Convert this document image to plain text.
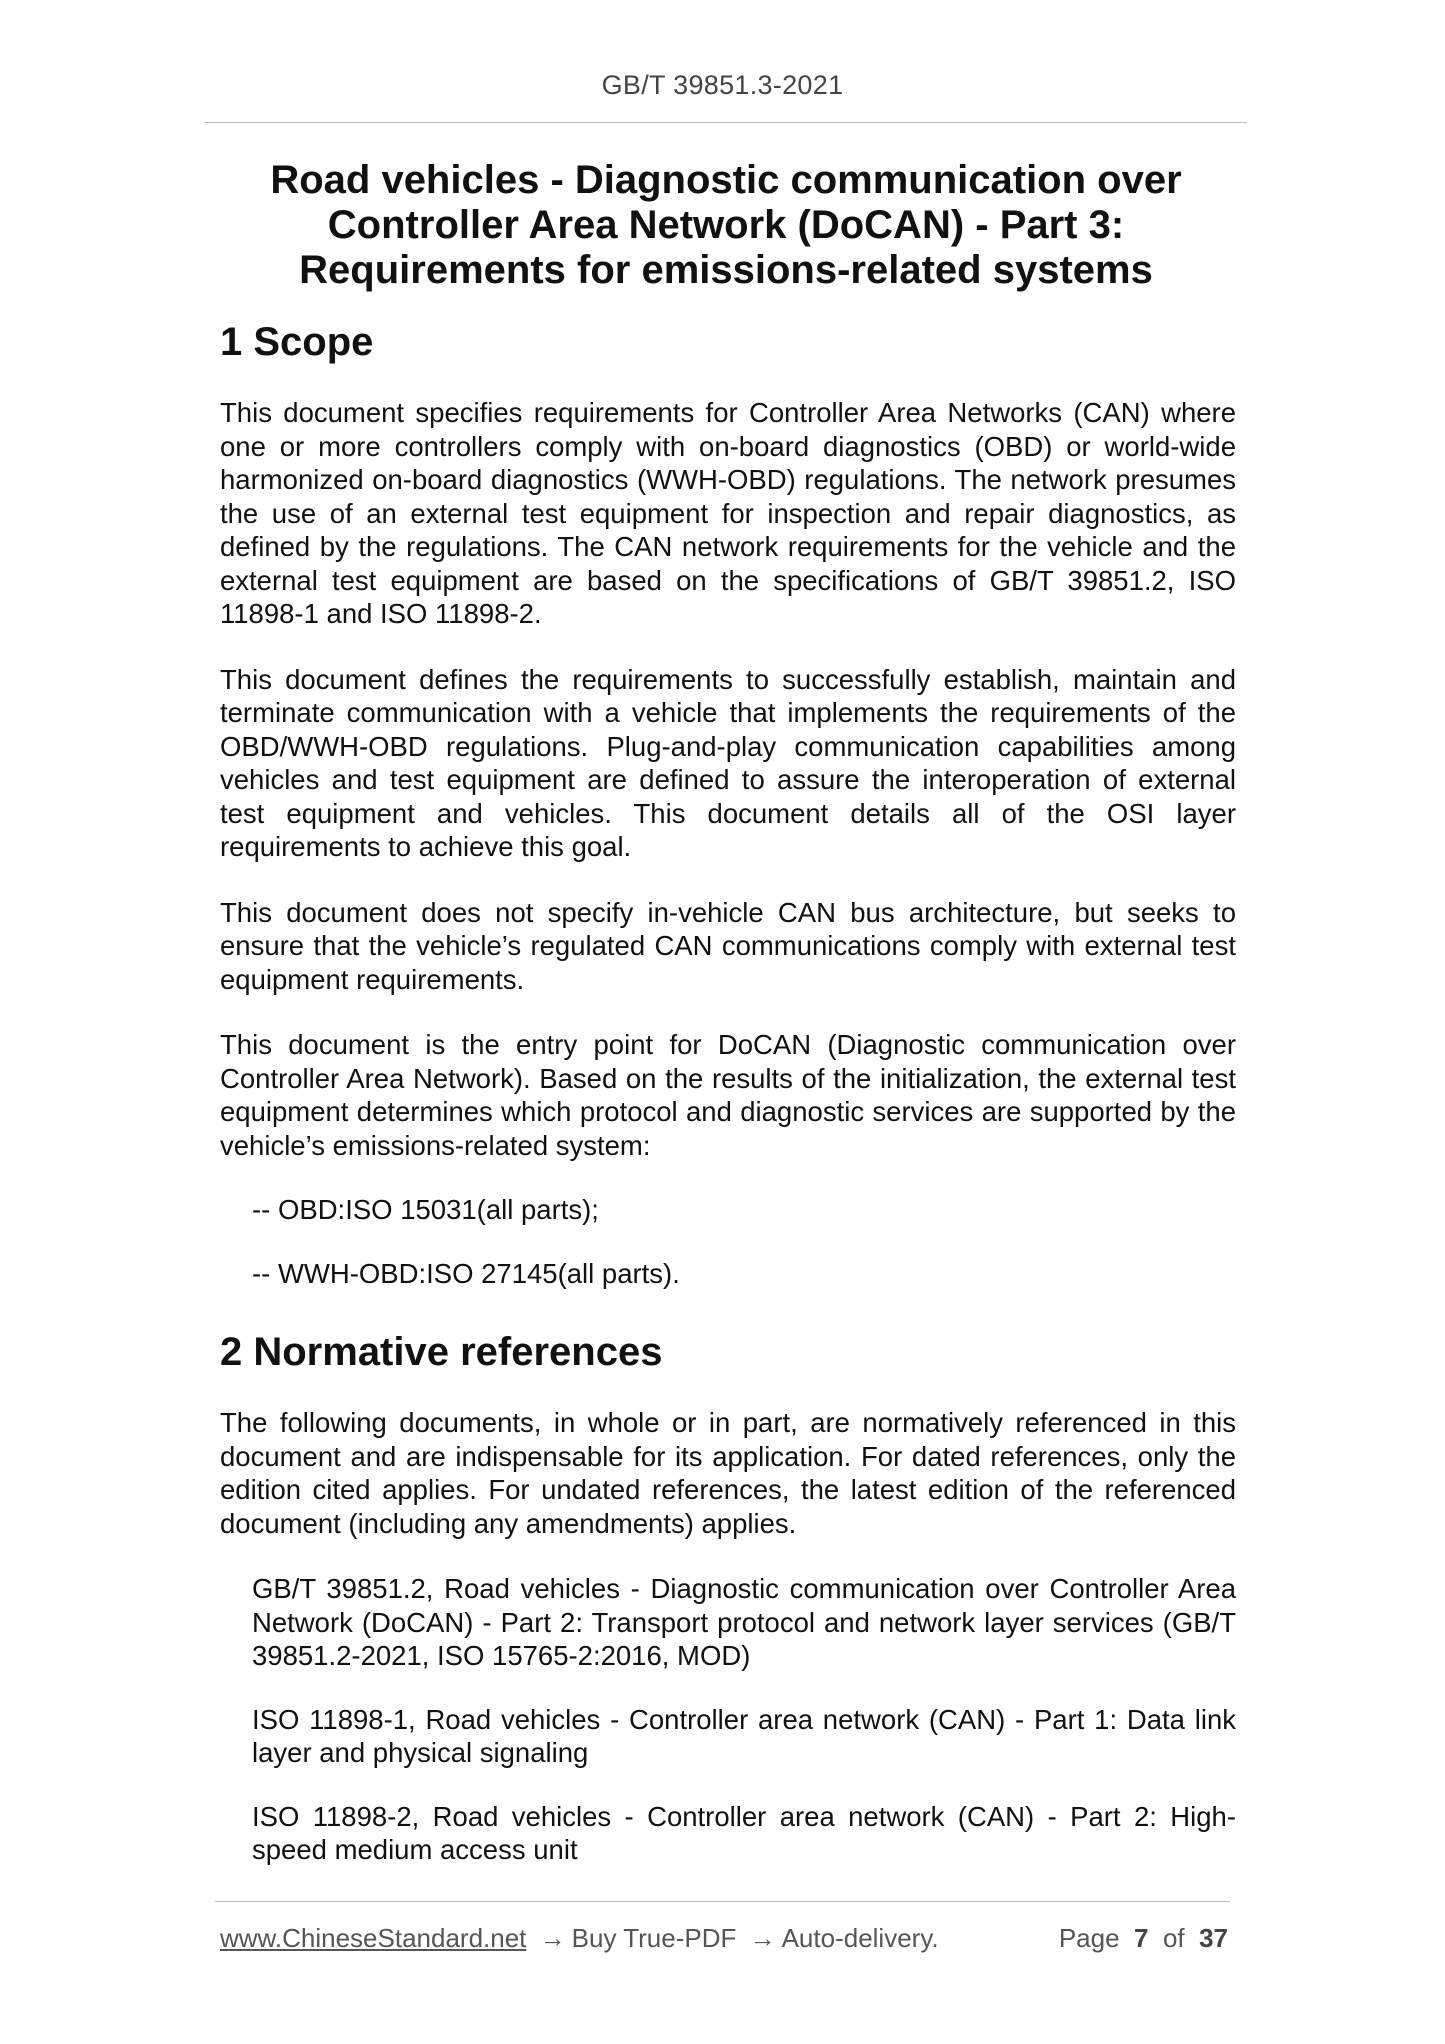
GB/T 39851.3-2021
Road vehicles - Diagnostic communication over
Controller Area Network (DoCAN) - Part 3:
Requirements for emissions-related systems
1 Scope

This document specifies requirements for Controller Area Networks (CAN) where one or more controllers comply with on-board diagnostics (OBD) or world-wide harmonized on-board diagnostics (WWH‐OBD) regulations. The network presumes the use of an external test equipment for inspection and repair diagnostics, as defined by the regulations. The CAN network requirements for the vehicle and the external test equipment are based on the specifications of GB/T 39851.2, ISO 11898-1 and ISO 11898-2.

This document defines the requirements to successfully establish, maintain and terminate communication with a vehicle that implements the requirements of the OBD/WWH-OBD regulations. Plug‐and-play communication capabilities among vehicles and test equipment are defined to assure the interoperation of external test equipment and vehicles. This document details all of the OSI layer requirements to achieve this goal.

This document does not specify in-vehicle CAN bus architecture, but seeks to ensure that the vehicle’s regulated CAN communications comply with external test equipment requirements.

This document is the entry point for DoCAN (Diagnostic communication over Controller Area Network). Based on the results of the initialization, the external test equipment determines which protocol and diagnostic services are supported by the vehicle’s emissions-related system:

-- OBD:ISO 15031(all parts);

-- WWH-OBD:ISO 27145(all parts).

2 Normative references

The following documents, in whole or in part, are normatively referenced in this document and are indispensable for its application. For dated references, only the edition cited applies. For undated references, the latest edition of the referenced document (including any amendments) applies.

GB/T 39851.2, Road vehicles - Diagnostic communication over Controller Area Network (DoCAN) - Part 2: Transport protocol and network layer services (GB/T 39851.2-2021, ISO 15765-2:2016, MOD)

ISO 11898-1, Road vehicles - Controller area network (CAN) - Part 1: Data link layer and physical signaling

ISO 11898-2, Road vehicles - Controller area network (CAN) - Part 2: High-speed medium access unit

www.ChineseStandard.net → Buy True-PDF → Auto-delivery.	Page 7 of 37
